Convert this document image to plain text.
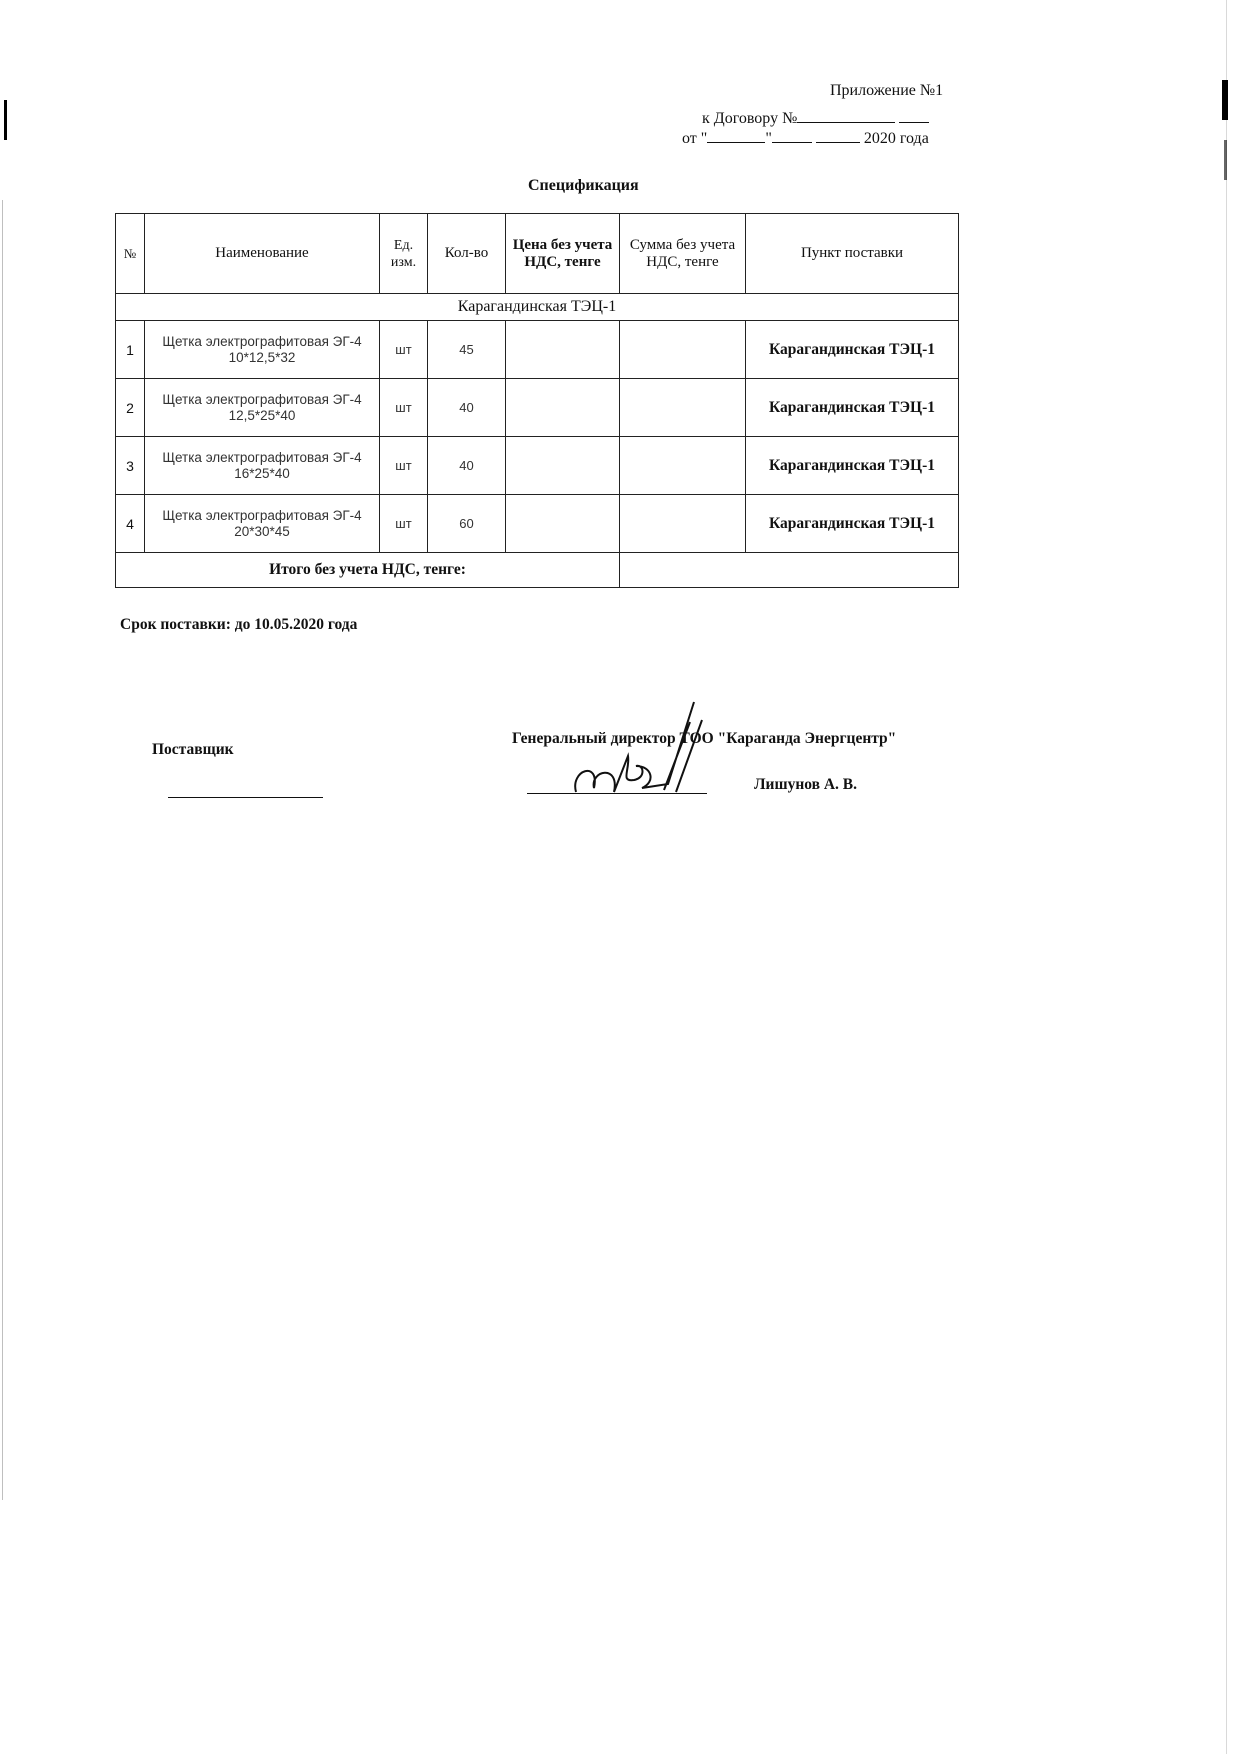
Приложение №1
к Договору №
от "	"	2020 года
Спецификация
№	Наименование	Ед. изм.	Кол-во	Цена без учета НДС, тенге	Сумма без учета НДС, тенге	Пункт поставки
Карагандинская ТЭЦ-1						
1	Щетка электрографитовая ЭГ-4 10*12,5*32	шт	45			Карагандинская ТЭЦ-1
2	Щетка электрографитовая ЭГ-4 12,5*25*40	шт	40			Карагандинская ТЭЦ-1
3	Щетка электрографитовая ЭГ-4 16*25*40	шт	40			Карагандинская ТЭЦ-1
4	Щетка электрографитовая ЭГ-4 20*30*45	шт	60			Карагандинская ТЭЦ-1
Итого без учета НДС, тенге:						
Срок поставки: до 10.05.2020 года
Поставщик
Генеральный директор ТОО "Караганда Энергцентр"
Лишунов А. В.
